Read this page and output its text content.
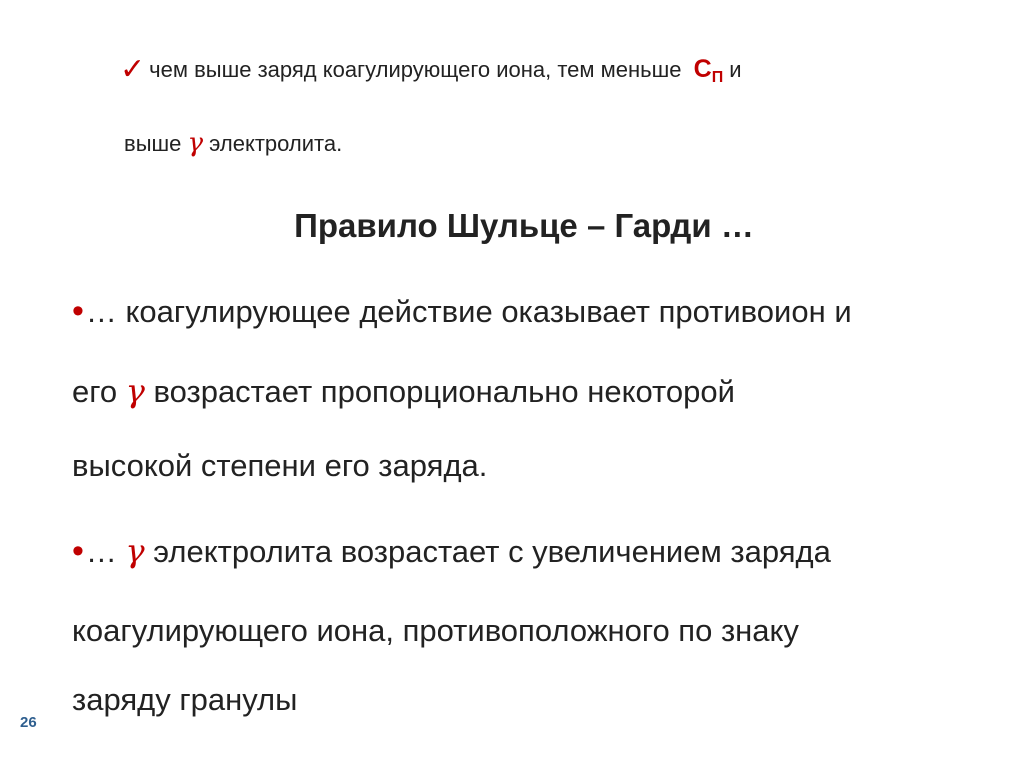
✓ чем выше заряд коагулирующего иона, тем меньше $С_П$ и
выше γ электролита.
Правило Шульце – Гарди …
•… коагулирующее действие оказывает противоион и
его γ возрастает пропорционально некоторой
высокой степени его заряда.
•… γ электролита возрастает с увеличением заряда
коагулирующего иона, противоположного по знаку
заряду гранулы
26
